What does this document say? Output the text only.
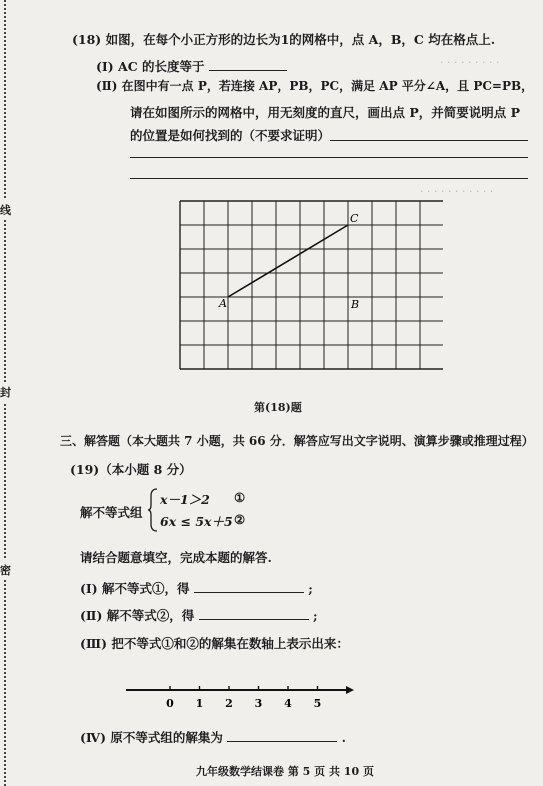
线
封
密
· · · · · · · · ·
· · · · · · · · · · ·
(18) 如图，在每个小正方形的边长为1的网格中，点 A，B，C 均在格点上.
(Ⅰ) AC 的长度等于
(Ⅱ) 在图中有一点 P，若连接 AP，PB，PC，满足 AP 平分∠A，且 PC=PB，
请在如图所示的网格中，用无刻度的直尺，画出点 P，并简要说明点 P
的位置是如何找到的（不要求证明）
A	B
C
第(18)题
三、解答题（本大题共 7 小题，共 66 分．解答应写出文字说明、演算步骤或推理过程）
(19)（本小题 8 分）
解不等式组
x－1＞2 ①
6x ≤ 5x＋5 ②
请结合题意填空，完成本题的解答.
(Ⅰ) 解不等式①，得	;
(Ⅱ) 解不等式②，得	;
(Ⅲ) 把不等式①和②的解集在数轴上表示出来：
0 1 2 3 4 5
(Ⅳ) 原不等式组的解集为	.
九年级数学结课卷 第 5 页 共 10 页
